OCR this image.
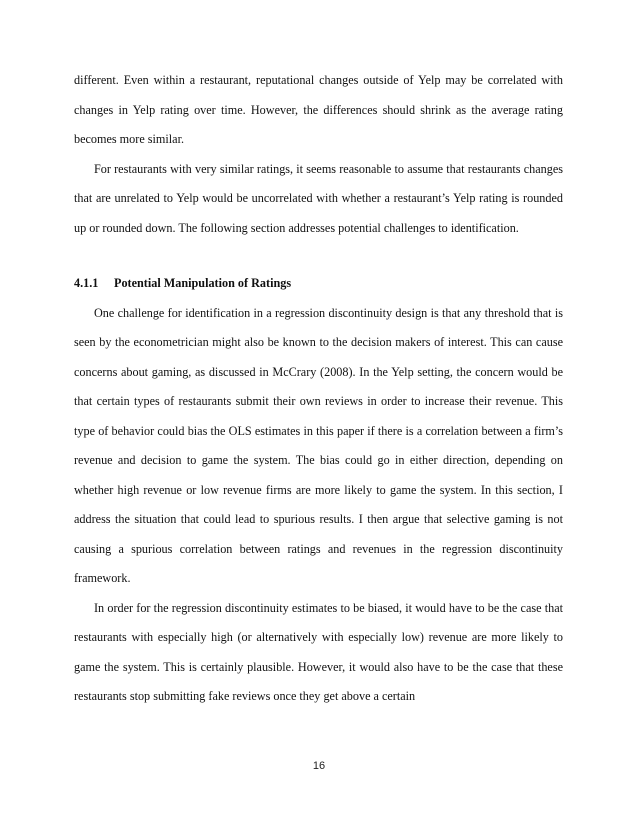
different. Even within a restaurant, reputational changes outside of Yelp may be correlated with changes in Yelp rating over time. However, the differences should shrink as the average rating becomes more similar.

For restaurants with very similar ratings, it seems reasonable to assume that restaurants changes that are unrelated to Yelp would be uncorrelated with whether a restaurant’s Yelp rating is rounded up or rounded down. The following section addresses potential challenges to identification.

4.1.1 Potential Manipulation of Ratings

One challenge for identification in a regression discontinuity design is that any threshold that is seen by the econometrician might also be known to the decision makers of interest. This can cause concerns about gaming, as discussed in McCrary (2008). In the Yelp setting, the concern would be that certain types of restaurants submit their own reviews in order to increase their revenue. This type of behavior could bias the OLS estimates in this paper if there is a correlation between a firm’s revenue and decision to game the system. The bias could go in either direction, depending on whether high revenue or low revenue firms are more likely to game the system. In this section, I address the situation that could lead to spurious results. I then argue that selective gaming is not causing a spurious correlation between ratings and revenues in the regression discontinuity framework.

In order for the regression discontinuity estimates to be biased, it would have to be the case that restaurants with especially high (or alternatively with especially low) revenue are more likely to game the system. This is certainly plausible. However, it would also have to be the case that these restaurants stop submitting fake reviews once they get above a certain

16
